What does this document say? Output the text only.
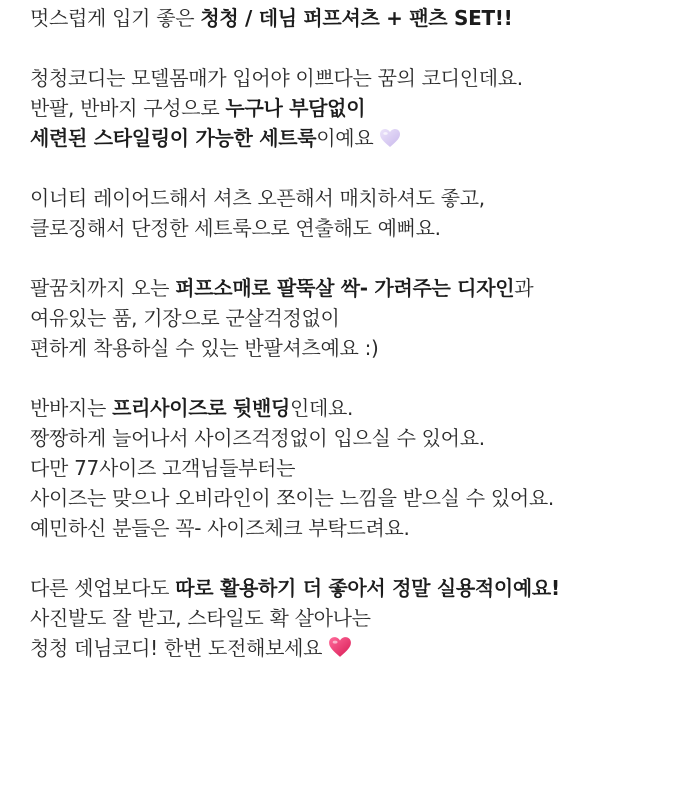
멋스럽게 입기 좋은 청청 / 데님 퍼프셔츠 + 팬츠 SET!!
청청코디는 모델몸매가 입어야 이쁘다는 꿈의 코디인데요.
반팔, 반바지 구성으로 누구나 부담없이
세련된 스타일링이 가능한 세트룩이예요
이너티 레이어드해서 셔츠 오픈해서 매치하셔도 좋고,
클로징해서 단정한 세트룩으로 연출해도 예뻐요.
팔꿈치까지 오는 퍼프소매로 팔뚝살 싹- 가려주는 디자인과
여유있는 품, 기장으로 군살걱정없이
편하게 착용하실 수 있는 반팔셔츠예요 :)
반바지는 프리사이즈로 뒷밴딩인데요.
짱짱하게 늘어나서 사이즈걱정없이 입으실 수 있어요.
다만 77사이즈 고객님들부터는
사이즈는 맞으나 오비라인이 쪼이는 느낌을 받으실 수 있어요.
예민하신 분들은 꼭- 사이즈체크 부탁드려요.
다른 셋업보다도 따로 활용하기 더 좋아서 정말 실용적이예요!
사진발도 잘 받고, 스타일도 확 살아나는
청청 데님코디! 한번 도전해보세요
